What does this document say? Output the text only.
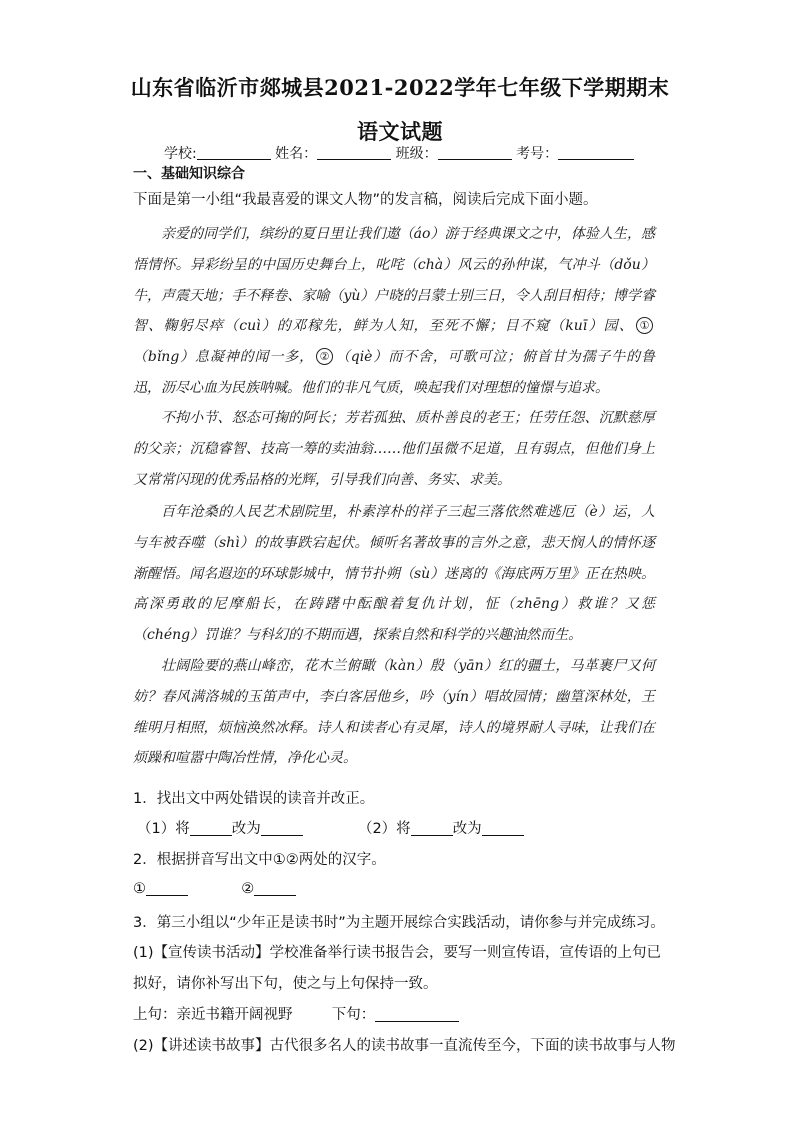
山东省临沂市郯城县2021-2022学年七年级下学期期末语文试题
学校:	姓名：	班级：	考号：
一、基础知识综合
下面是第一小组“我最喜爱的课文人物”的发言稿，阅读后完成下面小题。
亲爱的同学们，缤纷的夏日里让我们遨（áo）游于经典课文之中，体验人生，感悟情怀。异彩纷呈的中国历史舞台上，叱咤（chà）风云的孙仲谋，气冲斗（dǒu）牛，声震天地；手不释卷、家喻（yù）户晓的吕蒙士别三日，令人刮目相待；博学睿智、鞠躬尽瘁（cuì）的邓稼先，鲜为人知，至死不懈；目不窥（kuī）园、 ①（bǐng）息凝神的闻一多， ② （qiè）而不舍，可歌可泣；俯首甘为孺子牛的鲁迅，沥尽心血为民族呐喊。他们的非凡气质，唤起我们对理想的憧憬与追求。
不拘小节、怒态可掬的阿长；芳若孤独、质朴善良的老王；任劳任怨、沉默慈厚的父亲；沉稳睿智、技高一筹的卖油翁……他们虽微不足道，且有弱点，但他们身上又常常闪现的优秀品格的光辉，引导我们向善、务实、求美。
百年沧桑的人民艺术剧院里，朴素淳朴的祥子三起三落依然难逃厄（è）运，人与车被吞噬（shì）的故事跌宕起伏。倾听名著故事的言外之意，悲天悯人的情怀逐渐醒悟。闻名遐迩的环球影城中，情节扑朔（sù）迷离的《海底两万里》正在热映。高深勇敢的尼摩船长，在踌躇中酝酿着复仇计划，怔（zhēng）救谁？又惩（chéng）罚谁？与科幻的不期而遇，探索自然和科学的兴趣油然而生。
壮阔险要的燕山峰峦，花木兰俯瞰（kàn）殷（yān）红的疆土，马革裹尸又何妨？春风满洛城的玉笛声中，李白客居他乡，吟（yín）唱故园情；幽篁深林处，王维明月相照，烦恼涣然冰释。诗人和读者心有灵犀，诗人的境界耐人寻味，让我们在烦躁和喧嚣中陶冶性情，净化心灵。
1．找出文中两处错误的读音并改正。
（1）将	改为	（2）将	改为
2．根据拼音写出文中①②两处的汉字。
①	②
3．第三小组以“少年正是读书时”为主题开展综合实践活动，请你参与并完成练习。
(1)【宣传读书活动】学校准备举行读书报告会，要写一则宣传语，宣传语的上句已拟好，请你补写出下句，使之与上句保持一致。
上句：亲近书籍开阔视野	下句：
(2)【讲述读书故事】古代很多名人的读书故事一直流传至今，下面的读书故事与人物
